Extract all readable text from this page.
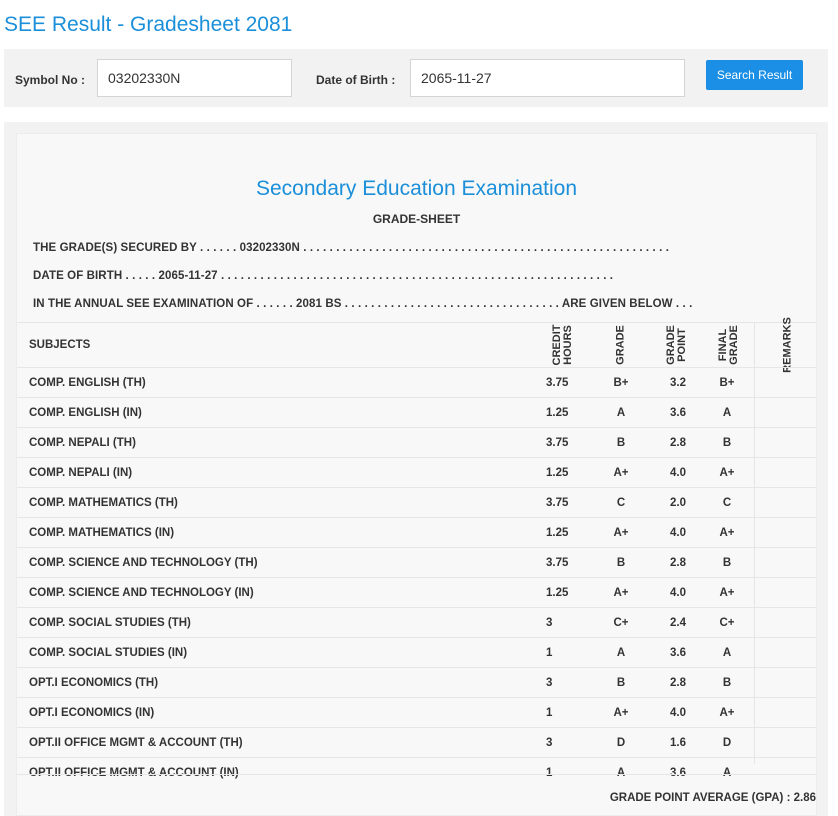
SEE Result - Gradesheet 2081
Symbol No :
03202330N	Date of Birth :
2065-11-27	Search Result
Secondary Education Examination
GRADE-SHEET
THE GRADE(S) SECURED BY . . . . . . 03202330N . . . . . . . . . . . . . . . . . . . . . . . . . . . . . . . . . . . . . . . . . . . . . . . . . . . . . . . .
DATE OF BIRTH . . . . . 2065-11-27 . . . . . . . . . . . . . . . . . . . . . . . . . . . . . . . . . . . . . . . . . . . . . . . . . . . . . . . . . . . .
IN THE ANNUAL SEE EXAMINATION OF . . . . . . 2081 BS . . . . . . . . . . . . . . . . . . . . . . . . . . . . . . . . . ARE GIVEN BELOW . . .
SUBJECTS	CREDIT HOURS	GRADE	GRADE POINT	FINAL GRADE	REMARKS
COMP. ENGLISH (TH)	3.75	B+	3.2	B+
COMP. ENGLISH (IN)	1.25	A	3.6	A
COMP. NEPALI (TH)	3.75	B	2.8	B
COMP. NEPALI (IN)	1.25	A+	4.0	A+
COMP. MATHEMATICS (TH)	3.75	C	2.0	C
COMP. MATHEMATICS (IN)	1.25	A+	4.0	A+
COMP. SCIENCE AND TECHNOLOGY (TH)	3.75	B	2.8	B
COMP. SCIENCE AND TECHNOLOGY (IN)	1.25	A+	4.0	A+
COMP. SOCIAL STUDIES (TH)	3	C+	2.4	C+
COMP. SOCIAL STUDIES (IN)	1	A	3.6	A
OPT.I ECONOMICS (TH)	3	B	2.8	B
OPT.I ECONOMICS (IN)	1	A+	4.0	A+
OPT.II OFFICE MGMT & ACCOUNT (TH)	3	D	1.6	D
OPT.II OFFICE MGMT & ACCOUNT (IN)	1	A	3.6	A
GRADE POINT AVERAGE (GPA) : 2.86
